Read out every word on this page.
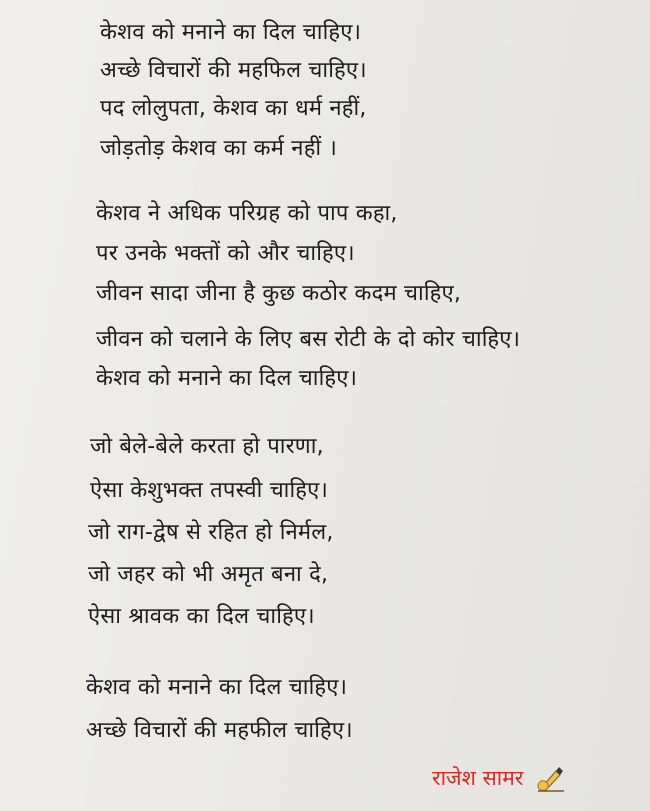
केशव को मनाने का दिल चाहिए।
अच्छे विचारों की महफिल चाहिए।
पद लोलुपता, केशव का धर्म नहीं,
जोड़तोड़ केशव का कर्म नहीं ।
केशव ने अधिक परिग्रह को पाप कहा,
पर उनके भक्तों को और चाहिए।
जीवन सादा जीना है कुछ कठोर कदम चाहिए,
जीवन को चलाने के लिए बस रोटी के दो कोर चाहिए।
केशव को मनाने का दिल चाहिए।
जो बेले-बेले करता हो पारणा,
ऐसा केशुभक्त तपस्वी चाहिए।
जो राग-द्वेष से रहित हो निर्मल,
जो जहर को भी अमृत बना दे,
ऐसा श्रावक का दिल चाहिए।
केशव को मनाने का दिल चाहिए।
अच्छे विचारों की महफील चाहिए।
राजेश सामर
